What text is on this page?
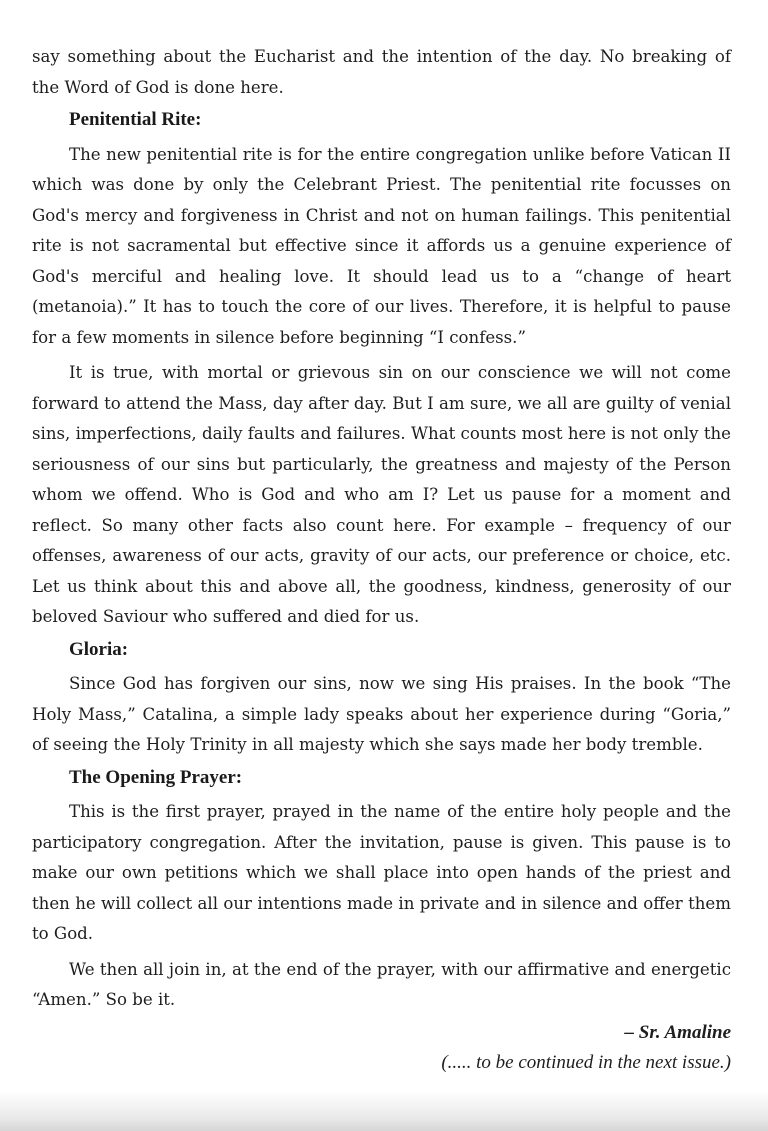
say something about the Eucharist and the intention of the day. No breaking of the Word of God is done here.

Penitential Rite:

The new penitential rite is for the entire congregation unlike before Vatican II which was done by only the Celebrant Priest. The penitential rite focusses on God's mercy and forgiveness in Christ and not on human failings. This penitential rite is not sacramental but effective since it affords us a genuine experience of God's merciful and healing love. It should lead us to a “change of heart (metanoia).” It has to touch the core of our lives. Therefore, it is helpful to pause for a few moments in silence before beginning “I confess.”

It is true, with mortal or grievous sin on our conscience we will not come forward to attend the Mass, day after day. But I am sure, we all are guilty of venial sins, imperfections, daily faults and failures. What counts most here is not only the seriousness of our sins but particularly, the greatness and majesty of the Person whom we offend. Who is God and who am I? Let us pause for a moment and reflect. So many other facts also count here. For example – frequency of our offenses, awareness of our acts, gravity of our acts, our preference or choice, etc. Let us think about this and above all, the goodness, kindness, generosity of our beloved Saviour who suffered and died for us.

Gloria:

Since God has forgiven our sins, now we sing His praises. In the book “The Holy Mass,” Catalina, a simple lady speaks about her experience during “Goria,” of seeing the Holy Trinity in all majesty which she says made her body tremble.

The Opening Prayer:

This is the first prayer, prayed in the name of the entire holy people and the participatory congregation. After the invitation, pause is given. This pause is to make our own petitions which we shall place into open hands of the priest and then he will collect all our intentions made in private and in silence and offer them to God.

We then all join in, at the end of the prayer, with our affirmative and energetic “Amen.” So be it.

– Sr. Amaline
(..... to be continued in the next issue.)
